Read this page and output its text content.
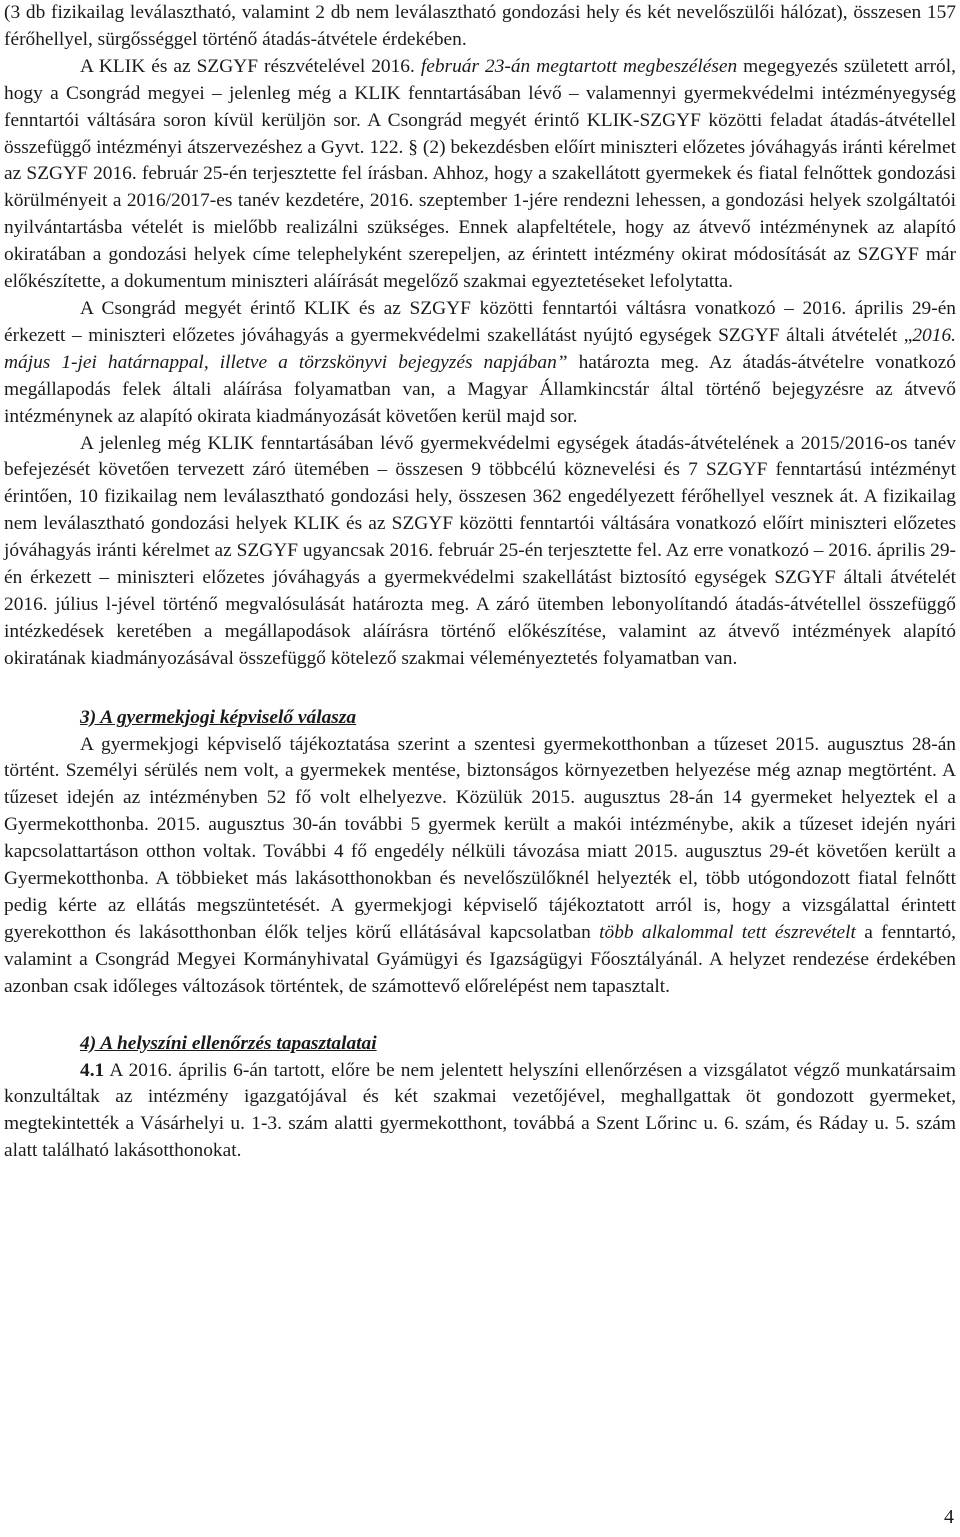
(3 db fizikailag leválasztható, valamint 2 db nem leválasztható gondozási hely és két nevelőszülői hálózat), összesen 157 férőhellyel, sürgősséggel történő átadás-átvétele érdekében.

A KLIK és az SZGYF részvételével 2016. február 23-án megtartott megbeszélésen megegyezés született arról, hogy a Csongrád megyei – jelenleg még a KLIK fenntartásában lévő – valamennyi gyermekvédelmi intézményegység fenntartói váltására soron kívül kerüljön sor. A Csongrád megyét érintő KLIK-SZGYF közötti feladat átadás-átvétellel összefüggő intézményi átszervezéshez a Gyvt. 122. § (2) bekezdésben előírt miniszteri előzetes jóváhagyás iránti kérelmet az SZGYF 2016. február 25-én terjesztette fel írásban. Ahhoz, hogy a szakellátott gyermekek és fiatal felnőttek gondozási körülményeit a 2016/2017-es tanév kezdetére, 2016. szeptember 1-jére rendezni lehessen, a gondozási helyek szolgáltatói nyilvántartásba vételét is mielőbb realizálni szükséges. Ennek alapfeltétele, hogy az átvevő intézménynek az alapító okiratában a gondozási helyek címe telephelyként szerepeljen, az érintett intézmény okirat módosítását az SZGYF már előkészítette, a dokumentum miniszteri aláírását megelőző szakmai egyeztetéseket lefolytatta.

A Csongrád megyét érintő KLIK és az SZGYF közötti fenntartói váltásra vonatkozó – 2016. április 29-én érkezett – miniszteri előzetes jóváhagyás a gyermekvédelmi szakellátást nyújtó egységek SZGYF általi átvételét „2016. május 1-jei határnappal, illetve a törzskönyvi bejegyzés napjában” határozta meg. Az átadás-átvételre vonatkozó megállapodás felek általi aláírása folyamatban van, a Magyar Államkincstár által történő bejegyzésre az átvevő intézménynek az alapító okirata kiadmányozását követően kerül majd sor.

A jelenleg még KLIK fenntartásában lévő gyermekvédelmi egységek átadás-átvételének a 2015/2016-os tanév befejezését követően tervezett záró ütemében – összesen 9 többcélú köznevelési és 7 SZGYF fenntartású intézményt érintően, 10 fizikailag nem leválasztható gondozási hely, összesen 362 engedélyezett férőhellyel vesznek át. A fizikailag nem leválasztható gondozási helyek KLIK és az SZGYF közötti fenntartói váltására vonatkozó előírt miniszteri előzetes jóváhagyás iránti kérelmet az SZGYF ugyancsak 2016. február 25-én terjesztette fel. Az erre vonatkozó – 2016. április 29-én érkezett – miniszteri előzetes jóváhagyás a gyermekvédelmi szakellátást biztosító egységek SZGYF általi átvételét 2016. július l-jével történő megvalósulását határozta meg. A záró ütemben lebonyolítandó átadás-átvétellel összefüggő intézkedések keretében a megállapodások aláírásra történő előkészítése, valamint az átvevő intézmények alapító okiratának kiadmányozásával összefüggő kötelező szakmai véleményeztetés folyamatban van.

3) A gyermekjogi képviselő válasza

A gyermekjogi képviselő tájékoztatása szerint a szentesi gyermekotthonban a tűzeset 2015. augusztus 28-án történt. Személyi sérülés nem volt, a gyermekek mentése, biztonságos környezetben helyezése még aznap megtörtént. A tűzeset idején az intézményben 52 fő volt elhelyezve. Közülük 2015. augusztus 28-án 14 gyermeket helyeztek el a Gyermekotthonba. 2015. augusztus 30-án további 5 gyermek került a makói intézménybe, akik a tűzeset idején nyári kapcsolattartáson otthon voltak. További 4 fő engedély nélküli távozása miatt 2015. augusztus 29-ét követően került a Gyermekotthonba. A többieket más lakásotthonokban és nevelőszülőknél helyezték el, több utógondozott fiatal felnőtt pedig kérte az ellátás megszüntetését. A gyermekjogi képviselő tájékoztatott arról is, hogy a vizsgálattal érintett gyerekotthon és lakásotthonban élők teljes körű ellátásával kapcsolatban több alkalommal tett észrevételt a fenntartó, valamint a Csongrád Megyei Kormányhivatal Gyámügyi és Igazságügyi Főosztályánál. A helyzet rendezése érdekében azonban csak időleges változások történtek, de számottevő előrelépést nem tapasztalt.

4) A helyszíni ellenőrzés tapasztalatai

4.1 A 2016. április 6-án tartott, előre be nem jelentett helyszíni ellenőrzésen a vizsgálatot végző munkatársaim konzultáltak az intézmény igazgatójával és két szakmai vezetőjével, meghallgattak öt gondozott gyermeket, megtekintették a Vásárhelyi u. 1-3. szám alatti gyermekotthont, továbbá a Szent Lőrinc u. 6. szám, és Ráday u. 5. szám alatt található lakásotthonokat.

4
